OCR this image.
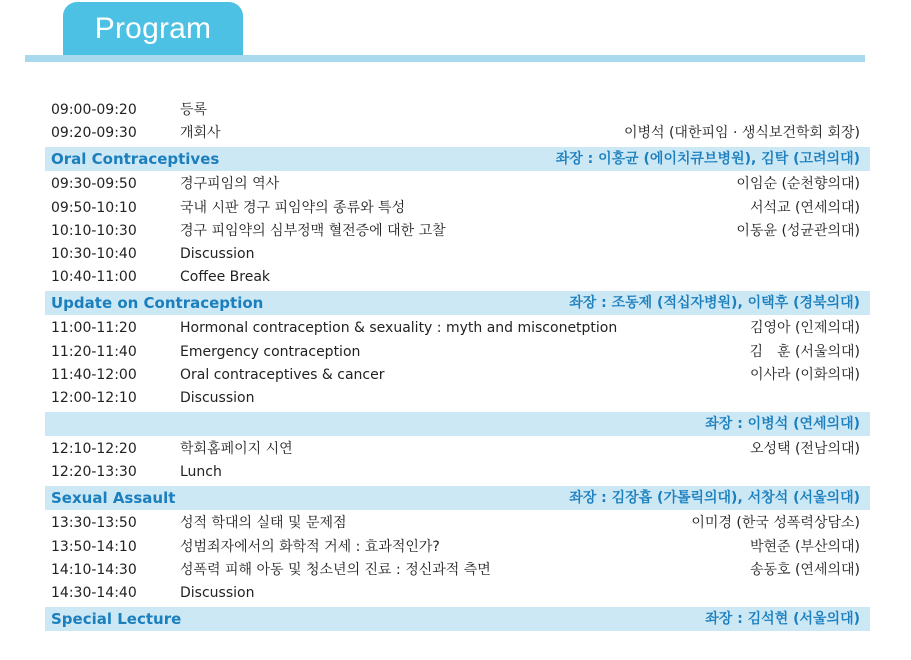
Program
09:00-09:20	등록
09:20-09:30	개회사	이병석 (대한피임 · 생식보건학회 회장)
Oral Contraceptives	좌장 : 이홍균 (에이치큐브병원), 김탁 (고려의대)
09:30-09:50	경구피임의 역사	이임순 (순천향의대)
09:50-10:10	국내 시판 경구 피임약의 종류와 특성	서석교 (연세의대)
10:10-10:30	경구 피임약의 심부정맥 혈전증에 대한 고찰	이동윤 (성균관의대)
10:30-10:40	Discussion
10:40-11:00	Coffee Break
Update on Contraception	좌장 : 조동제 (적십자병원), 이택후 (경북의대)
11:00-11:20	Hormonal contraception & sexuality : myth and misconetption	김영아 (인제의대)
11:20-11:40	Emergency contraception	김　훈 (서울의대)
11:40-12:00	Oral contraceptives & cancer	이사라 (이화의대)
12:00-12:10	Discussion
좌장 : 이병석 (연세의대)
12:10-12:20	학회홈페이지 시연	오성택 (전남의대)
12:20-13:30	Lunch
Sexual Assault	좌장 : 김장흡 (가톨릭의대), 서창석 (서울의대)
13:30-13:50	성적 학대의 실태 및 문제점	이미경 (한국 성폭력상담소)
13:50-14:10	성범죄자에서의 화학적 거세 : 효과적인가?	박현준 (부산의대)
14:10-14:30	성폭력 피해 아동 및 청소년의 진료 : 정신과적 측면	송동호 (연세의대)
14:30-14:40	Discussion
Special Lecture	좌장 : 김석현 (서울의대)
